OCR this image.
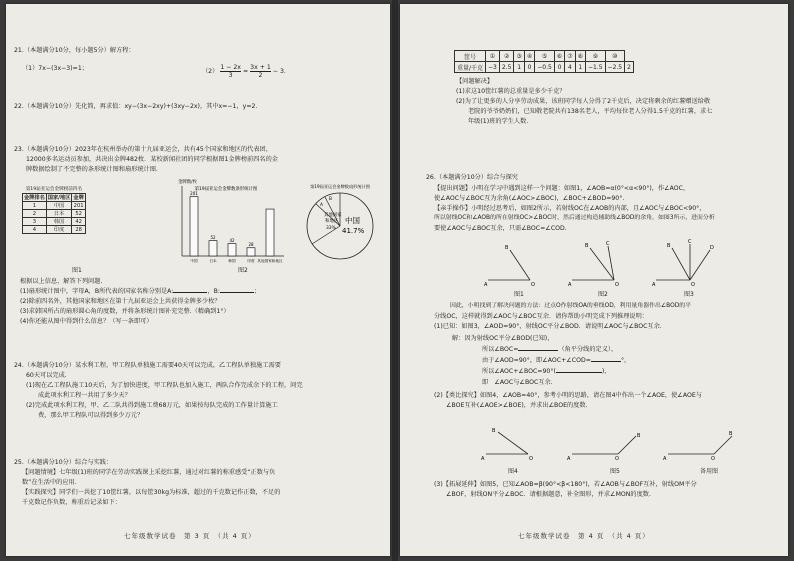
21.（本题满分10分，每小题5分）解方程：
（1）7x−(3x−3)=1；	$(2) \frac{1 - 2x}{3} = \frac{3x + 1}{2} - 3$.
22.（本题满分10分）先化简，再求值：xy−(3x−2xy)+(3xy−2x)，其中x=−1，y=2.
23.（本题满分10分）2023年在杭州举办的第十九届亚运会，共有45个国家和地区的代表团，
12000多名运动员参加，共决出金牌482枚．某校新闻社团的同学根据图1金牌榜前四名的金
牌数据绘制了不完整的条形统计图和扇形统计图.
第19届亚运会金牌榜前四名
金牌排名	国家/地区	金牌
1	中国	201
2	日本	52
3	韩国	42
4	印度	28
金牌数/枚
第19届亚运会金牌数条形统计图
中国	日本	韩国	印度 其他国家和地区
201
52
42
28
第19届亚运会金牌数扇形统计图
其他国家
和地区
33%
A
B
中国
41.7%
图1	图2
根据以上信息，解答下列问题.
(1)扇形统计图中，字母A，B所代表的国家名称分别是A:	，B:	；
(2)除前四名外，其他国家和地区在第十九届亚运会上共获得金牌多少枚？
(3)求韩国所占的扇形圆心角的度数，并将条形统计图补充完整.（精确到1°）
(4)你还能从图中得到什么信息？（写一条即可）
24.（本题满分10分）某水利工程，甲工程队单独施工需要40天可以完成，乙工程队单独施工需要
60天可以完成.
(1)现在乙工程队施工10天后，为了加快进度，甲工程队也加入施工，两队合作完成余下的工程，问完
成此项水利工程一共用了多少天？
(2)完成此项水利工程，甲、乙二队共得到施工费68万元，如果按每队完成的工作量计算施工
费，那么甲工程队可以得到多少万元？
25.（本题满分10分）综合与实践：
【问题情境】七年级(1)班的同学在劳动实践课上采挖红薯，通过对红薯的称重感受“正数与负
数”在生活中的应用.
【实践探究】同学们一共挖了10筐红薯，以每筐30kg为标准，超过的千克数记作正数，不足的
千克数记作负数，称重后记录如下：
七年级数学试卷　第 3 页　（共 4 页）
筐号	①	②	③	④	⑤	⑥	⑦	⑧	⑨	⑩	
重量/千克	−3	2.5	1	0	−0.5	0	4	1	−1.5	−2.5	2
【问题解决】
(1)求这10筐红薯的总重量是多少千克？
(2)为了让更多的人分享劳动成果，该班同学每人分得了2千克后，决定将剩余的红薯赠送给敬
老院的爷爷奶奶们，已知敬老院共有138名老人，平均每位老人分得1.5千克的红薯，求七
年级(1)班的学生人数.
26.（本题满分10分）综合与探究
【提出问题】小明在学习中遇到这样一个问题：如图1，∠AOB=α(0°<α<90°)，作∠AOC，
使∠AOC与∠BOC互为余角(∠AOC>∠BOC)，∠BOC+∠BOD=90°.
【亲手操作】小明经过思考后，如图2所示，若射线OC在∠AOB的内部，且∠AOC与∠BOC<90°，
所以射线OC和∠AOB的所在射线OC>∠BOC时，然后通过构造辅助线∠BOD的余角，如图3所示，进而分析
要使∠AOC与∠BOC互余，只需∠BOC=∠COD.
A	O
B
A	O
B	C
A	O
B
C
D
图1	图2	图3
因此，小明找到了解决问题的方法：过点O作射线OA的垂线OD，利用量角器作出∠BOD的平
分线OC，这样就得到∠AOC与∠BOC互余．请你帮助小明完成下列推理说明：
(1)已知：如图3，∠AOD=90°，射线OC平分∠BOD．请说明∠AOC与∠BOC互余.
解：因为射线OC平分∠BOD(已知)，
所以∠BOC=	（角平分线的定义），
由于∠AOD=90°，即∠AOC+∠COD=	°，
所以∠AOC+∠BOC=90°(	)，
即　∠AOC与∠BOC互余.
(2)【类比探究】如图4，∠AOB=40°，参考小明的思路，请在图4中作出一个∠AOE，使∠AOE与
∠BOE互补(∠AOE>∠BOE)，并求出∠BOE的度数.
A	O
B
A	O
B
A	O
B
图4	图5	备用图
(3)【拓展延伸】如图5，已知∠AOB=β(90°<β<180°)，若∠AOB与∠BOF互补，射线OM平分
∠BOF，射线ON平分∠BOC．请根据题意，补全图形，并求∠MON的度数.
七年级数学试卷　第 4 页　（共 4 页）
